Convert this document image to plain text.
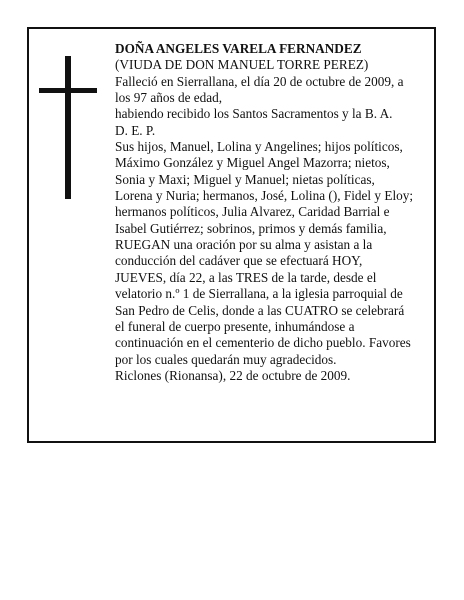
DOÑA ANGELES VARELA FERNANDEZ
(VIUDA DE DON MANUEL TORRE PEREZ)
Falleció en Sierrallana, el día 20 de octubre de 2009, a
los 97 años de edad,
habiendo recibido los Santos Sacramentos y la B. A.
D. E. P.
Sus hijos, Manuel, Lolina y Angelines; hijos políticos,
Máximo González y Miguel Angel Mazorra; nietos,
Sonia y Maxi; Miguel y Manuel; nietas políticas,
Lorena y Nuria; hermanos, José, Lolina (), Fidel y Eloy;
hermanos políticos, Julia Alvarez, Caridad Barrial e
Isabel Gutiérrez; sobrinos, primos y demás familia,
RUEGAN una oración por su alma y asistan a la
conducción del cadáver que se efectuará HOY,
JUEVES, día 22, a las TRES de la tarde, desde el
velatorio n.º 1 de Sierrallana, a la iglesia parroquial de
San Pedro de Celis, donde a las CUATRO se celebrará
el funeral de cuerpo presente, inhumándose a
continuación en el cementerio de dicho pueblo. Favores
por los cuales quedarán muy agradecidos.
Riclones (Rionansa), 22 de octubre de 2009.
